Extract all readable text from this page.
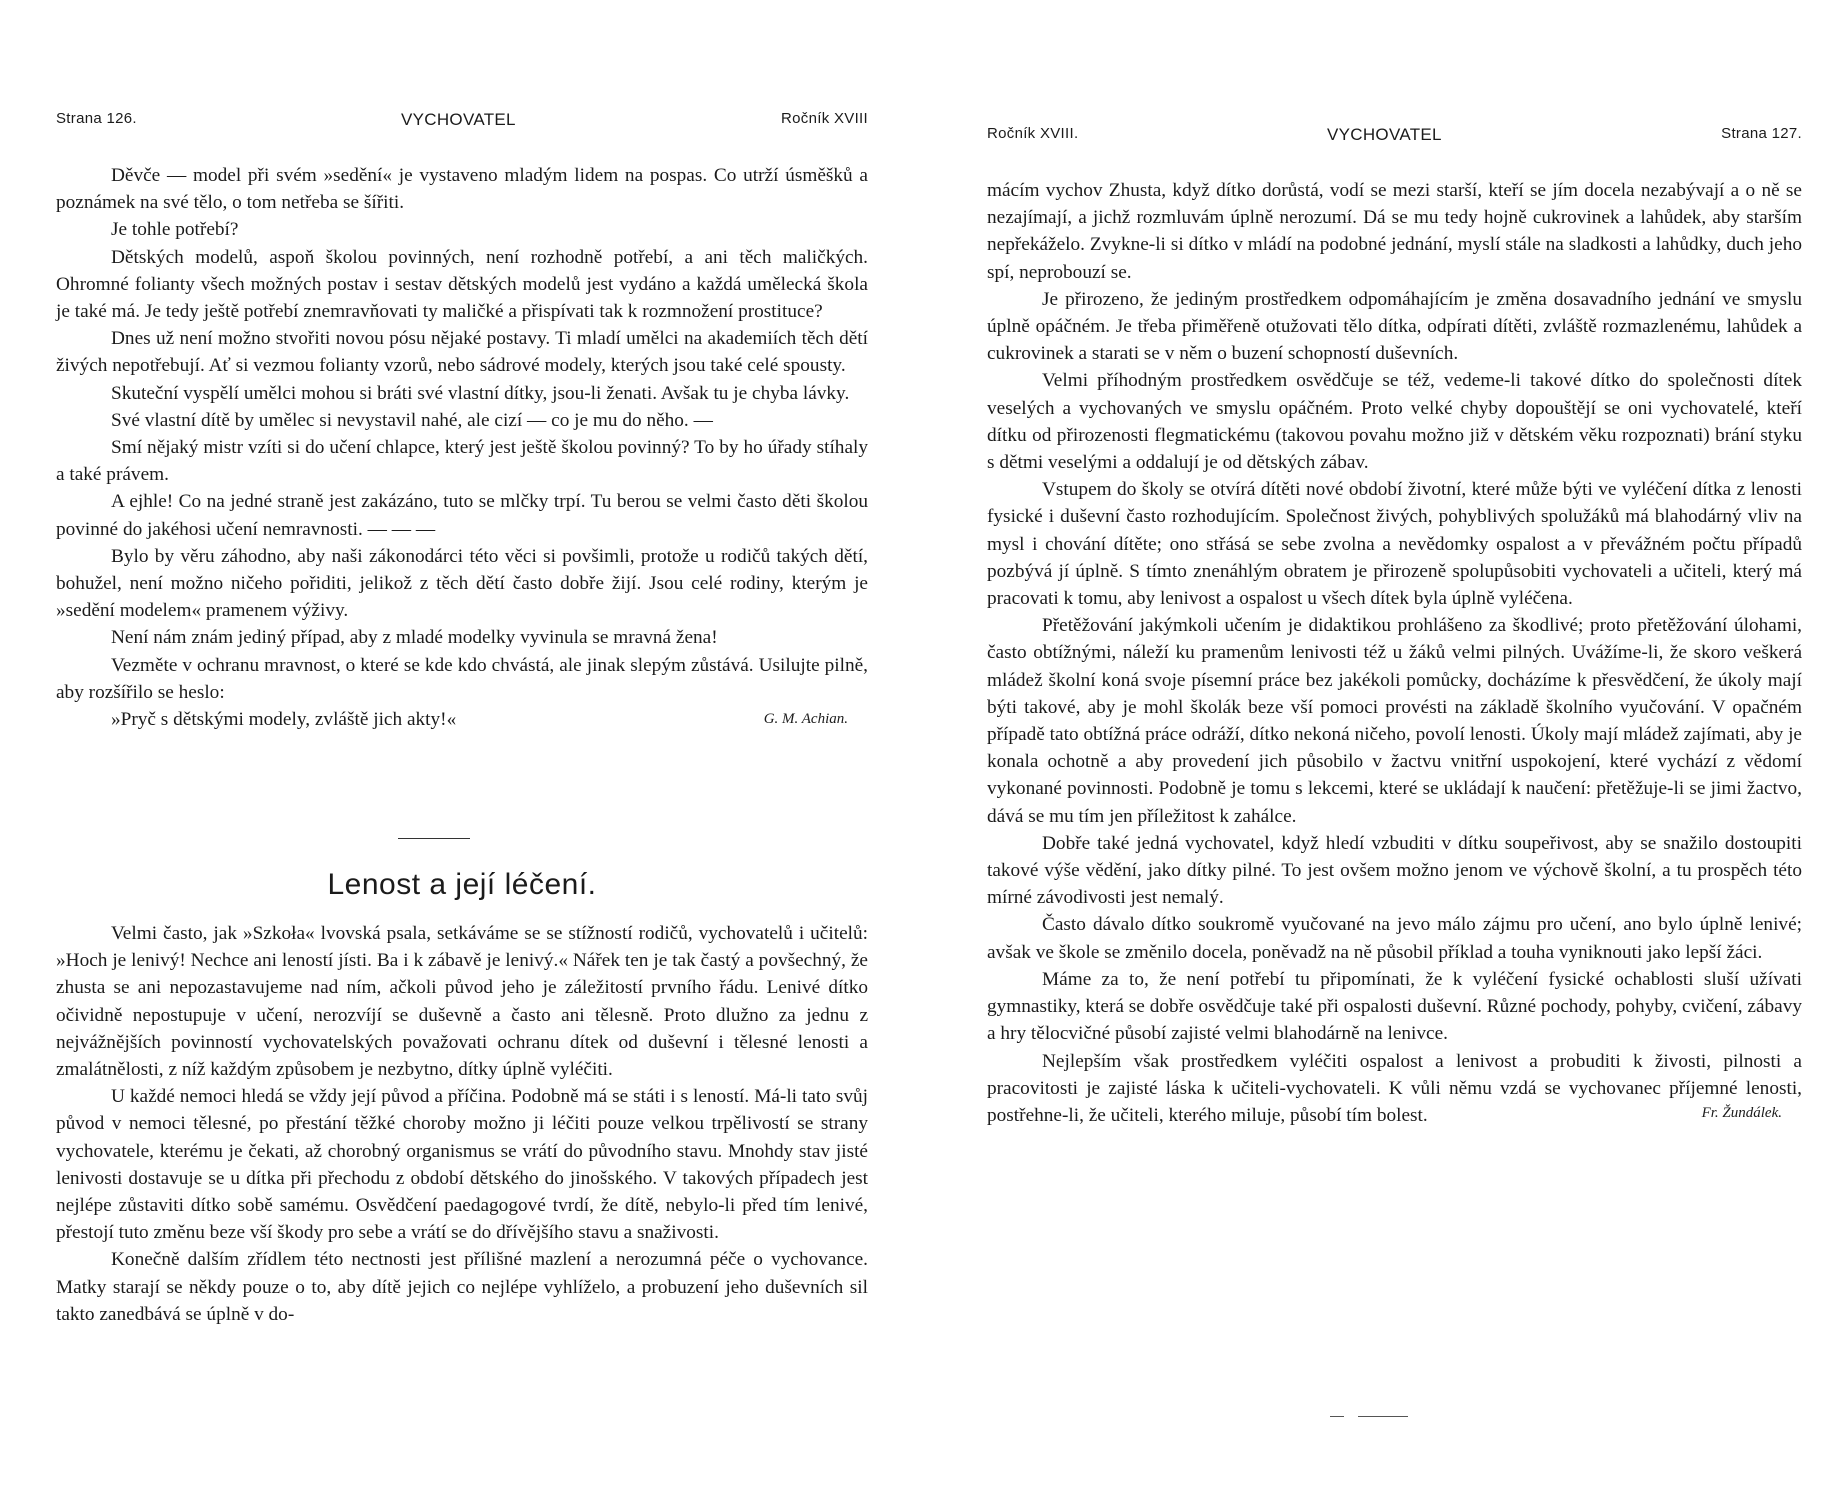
Strana 126.	VYCHOVATEL	Ročník XVIII

Děvče — model při svém »sedění« je vystaveno mladým lidem na pospas. Co utrží úsměšků a poznámek na své tělo, o tom netřeba se šířiti.

Je tohle potřebí?

Dětských modelů, aspoň školou povinných, není rozhodně potřebí, a ani těch maličkých. Ohromné folianty všech možných postav i sestav dětských modelů jest vydáno a každá umělecká škola je také má. Je tedy ještě potřebí znemravňovati ty maličké a přispívati tak k rozmnožení prostituce?

Dnes už není možno stvořiti novou pósu nějaké postavy. Ti mladí umělci na akademiích těch dětí živých nepotřebují. Ať si vezmou folianty vzorů, nebo sádrové modely, kterých jsou také celé spousty.

Skuteční vyspělí umělci mohou si bráti své vlastní dítky, jsou-li ženati. Avšak tu je chyba lávky.

Své vlastní dítě by umělec si nevystavil nahé, ale cizí — co je mu do něho. —

Smí nějaký mistr vzíti si do učení chlapce, který jest ještě školou povinný? To by ho úřady stíhaly a také právem.

A ejhle! Co na jedné straně jest zakázáno, tuto se mlčky trpí. Tu berou se velmi často děti školou povinné do jakéhosi učení nemravnosti. — — —

Bylo by věru záhodno, aby naši zákonodárci této věci si povšimli, protože u rodičů takých dětí, bohužel, není možno ničeho pořiditi, jelikož z těch dětí často dobře žijí. Jsou celé rodiny, kterým je »sedění modelem« pramenem výživy.

Není nám znám jediný případ, aby z mladé modelky vyvinula se mravná žena!

Vezměte v ochranu mravnost, o které se kde kdo chvástá, ale jinak slepým zůstává. Usilujte pilně, aby rozšířilo se heslo:

»Pryč s dětskými modely, zvláště jich akty!«	G. M. Achian.

Lenost a její léčení.

Velmi často, jak »Szkoła« lvovská psala, setkáváme se se stížností rodičů, vychovatelů i učitelů: »Hoch je lenivý! Nechce ani leností jísti. Ba i k zábavě je lenivý.« Nářek ten je tak častý a povšechný, že zhusta se ani nepozastavujeme nad ním, ačkoli původ jeho je záležitostí prvního řádu. Lenivé dítko očividně nepostupuje v učení, nerozvíjí se duševně a často ani tělesně. Proto dlužno za jednu z nejvážnějších povinností vychovatelských považovati ochranu dítek od duševní i tělesné lenosti a zmalátnělosti, z níž každým způsobem je nezbytno, dítky úplně vyléčiti.

U každé nemoci hledá se vždy její původ a příčina. Podobně má se státi i s leností. Má-li tato svůj původ v nemoci tělesné, po přestání těžké choroby možno ji léčiti pouze velkou trpělivostí se strany vychovatele, kterému je čekati, až chorobný organismus se vrátí do původního stavu. Mnohdy stav jisté lenivosti dostavuje se u dítka při přechodu z období dětského do jinošského. V takových případech jest nejlépe zůstaviti dítko sobě samému. Osvědčení paedagogové tvrdí, že dítě, nebylo-li před tím lenivé, přestojí tuto změnu beze vší škody pro sebe a vrátí se do dřívějšího stavu a snaživosti.

Konečně dalším zřídlem této nectnosti jest přílišné mazlení a nerozumná péče o vychovance. Matky starají se někdy pouze o to, aby dítě jejich co nejlépe vyhlíželo, a probuzení jeho duševních sil takto zanedbává se úplně v do-

Ročník XVIII.	VYCHOVATEL	Strana 127.

mácím vychov Zhusta, když dítko dorůstá, vodí se mezi starší, kteří se jím docela nezabývají a o ně se nezajímají, a jichž rozmluvám úplně nerozumí. Dá se mu tedy hojně cukrovinek a lahůdek, aby starším nepřekáželo. Zvykne-li si dítko v mládí na podobné jednání, myslí stále na sladkosti a lahůdky, duch jeho spí, neprobouzí se.

Je přirozeno, že jediným prostředkem odpomáhajícím je změna dosavadního jednání ve smyslu úplně opáčném. Je třeba přiměřeně otužovati tělo dítka, odpírati dítěti, zvláště rozmazlenému, lahůdek a cukrovinek a starati se v něm o buzení schopností duševních.

Velmi příhodným prostředkem osvědčuje se též, vedeme-li takové dítko do společnosti dítek veselých a vychovaných ve smyslu opáčném. Proto velké chyby dopouštějí se oni vychovatelé, kteří dítku od přirozenosti flegmatickému (takovou povahu možno již v dětském věku rozpoznati) brání styku s dětmi veselými a oddalují je od dětských zábav.

Vstupem do školy se otvírá dítěti nové období životní, které může býti ve vyléčení dítka z lenosti fysické i duševní často rozhodujícím. Společnost živých, pohyblivých spolužáků má blahodárný vliv na mysl i chování dítěte; ono střásá se sebe zvolna a nevědomky ospalost a v převážném počtu případů pozbývá jí úplně. S tímto znenáhlým obratem je přirozeně spolupůsobiti vychovateli a učiteli, který má pracovati k tomu, aby lenivost a ospalost u všech dítek byla úplně vyléčena.

Přetěžování jakýmkoli učením je didaktikou prohlášeno za škodlivé; proto přetěžování úlohami, často obtížnými, náleží ku pramenům lenivosti též u žáků velmi pilných. Uvážíme-li, že skoro veškerá mládež školní koná svoje písemní práce bez jakékoli pomůcky, docházíme k přesvědčení, že úkoly mají býti takové, aby je mohl školák beze vší pomoci provésti na základě školního vyučování. V opačném případě tato obtížná práce odráží, dítko nekoná ničeho, povolí lenosti. Úkoly mají mládež zajímati, aby je konala ochotně a aby provedení jich působilo v žactvu vnitřní uspokojení, které vychází z vědomí vykonané povinnosti. Podobně je tomu s lekcemi, které se ukládají k naučení: přetěžuje-li se jimi žactvo, dává se mu tím jen příležitost k zahálce.

Dobře také jedná vychovatel, když hledí vzbuditi v dítku soupeřivost, aby se snažilo dostoupiti takové výše vědění, jako dítky pilné. To jest ovšem možno jenom ve výchově školní, a tu prospěch této mírné závodivosti jest nemalý.

Často dávalo dítko soukromě vyučované na jevo málo zájmu pro učení, ano bylo úplně lenivé; avšak ve škole se změnilo docela, poněvadž na ně působil příklad a touha vyniknouti jako lepší žáci.

Máme za to, že není potřebí tu připomínati, že k vyléčení fysické ochablosti sluší užívati gymnastiky, která se dobře osvědčuje také při ospalosti duševní. Různé pochody, pohyby, cvičení, zábavy a hry tělocvičné působí zajisté velmi blahodárně na lenivce.

Nejlepším však prostředkem vyléčiti ospalost a lenivost a probuditi k živosti, pilnosti a pracovitosti je zajisté láska k učiteli-vychovateli. K vůli němu vzdá se vychovanec příjemné lenosti, postřehne-li, že učiteli, kterého miluje, působí tím bolest.	Fr. Žundálek.
